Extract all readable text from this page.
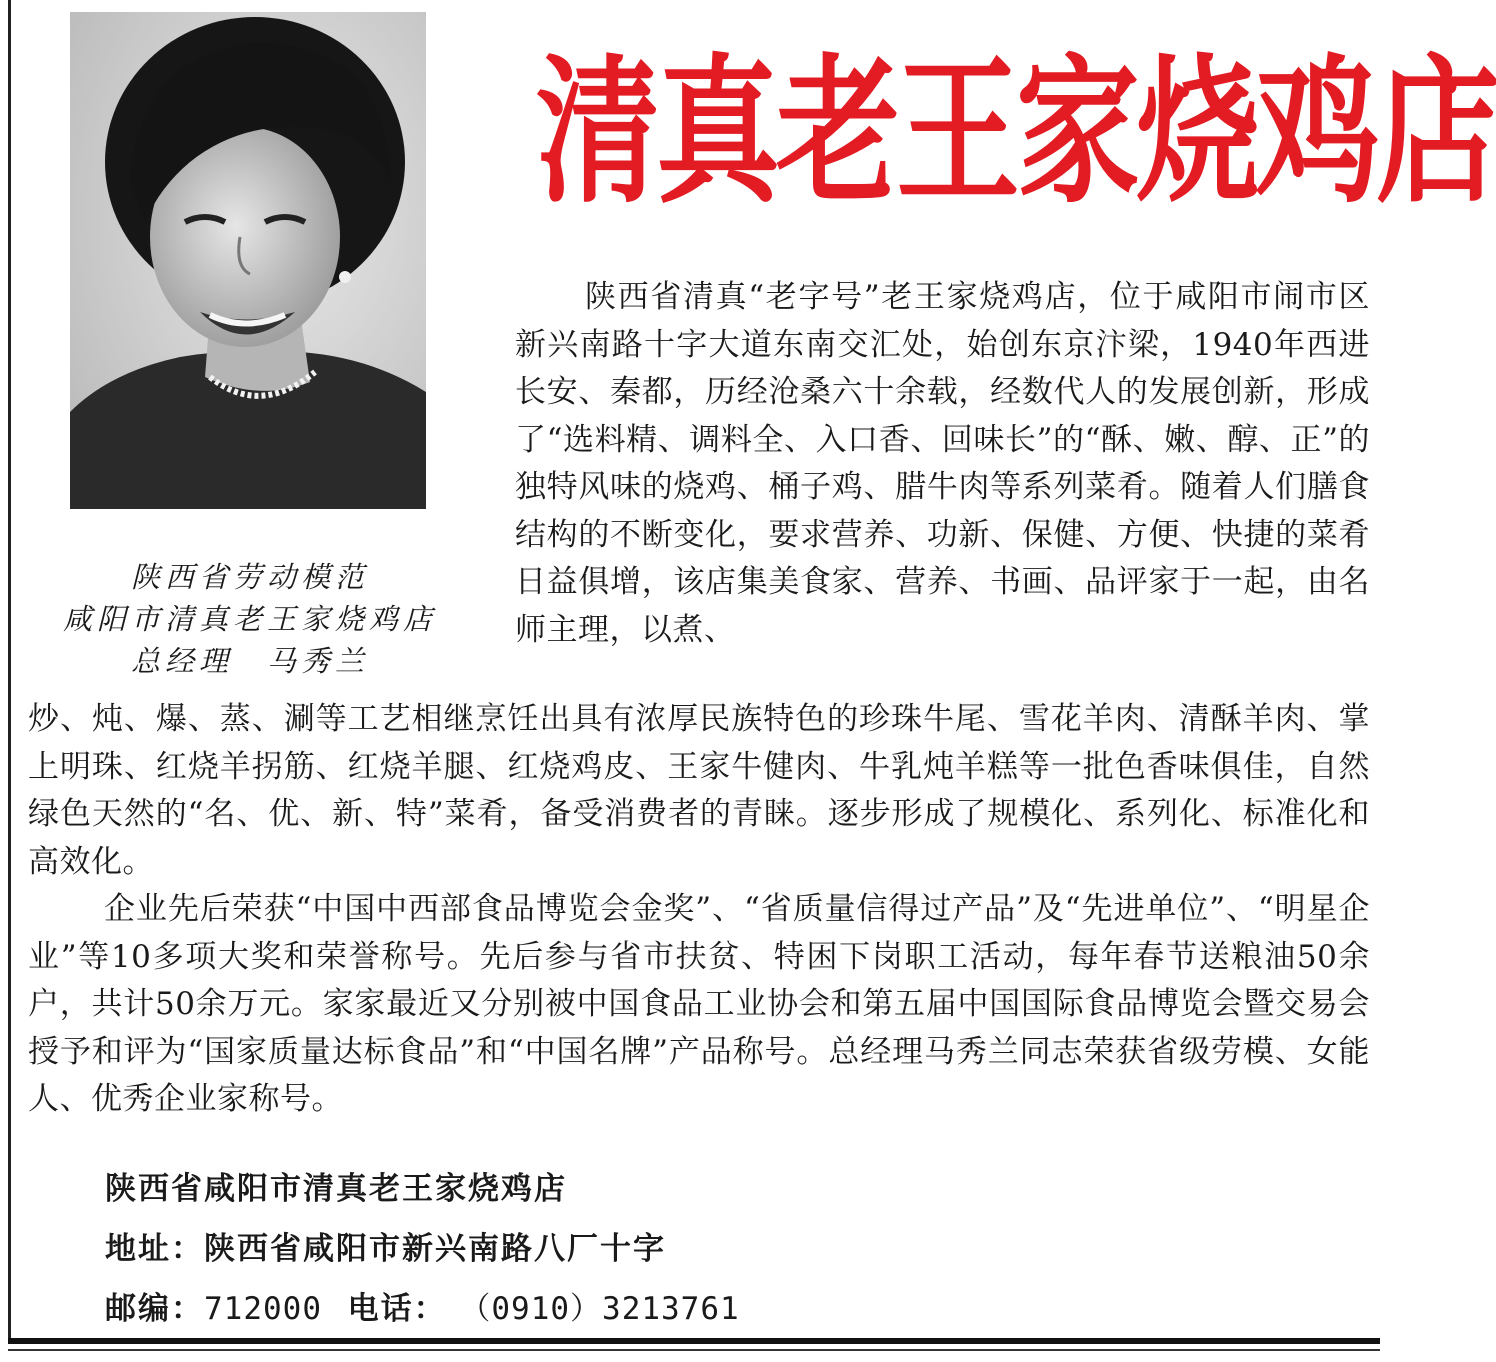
陕西省劳动模范
咸阳市清真老王家烧鸡店
总经理　马秀兰
清真老王家烧鸡店
陕西省清真“老字号”老王家烧鸡店，位于咸阳市闹市区新兴南路十字大道东南交汇处，始创东京汴梁，1940年西进长安、秦都，历经沧桑六十余载，经数代人的发展创新，形成了“选料精、调料全、入口香、回味长”的“酥、嫩、醇、正”的独特风味的烧鸡、桶子鸡、腊牛肉等系列菜肴。随着人们膳食结构的不断变化，要求营养、功新、保健、方便、快捷的菜肴日益俱增，该店集美食家、营养、书画、品评家于一起，由名师主理，以煮、
炒、炖、爆、蒸、涮等工艺相继烹饪出具有浓厚民族特色的珍珠牛尾、雪花羊肉、清酥羊肉、掌上明珠、红烧羊拐筋、红烧羊腿、红烧鸡皮、王家牛健肉、牛乳炖羊糕等一批色香味俱佳，自然绿色天然的“名、优、新、特”菜肴，备受消费者的青睐。逐步形成了规模化、系列化、标准化和高效化。
企业先后荣获“中国中西部食品博览会金奖”、“省质量信得过产品”及“先进单位”、“明星企业”等10多项大奖和荣誉称号。先后参与省市扶贫、特困下岗职工活动，每年春节送粮油50余户，共计50余万元。家家最近又分别被中国食品工业协会和第五届中国国际食品博览会暨交易会授予和评为“国家质量达标食品”和“中国名牌”产品称号。总经理马秀兰同志荣获省级劳模、女能人、优秀企业家称号。
陕西省咸阳市清真老王家烧鸡店
地址：陕西省咸阳市新兴南路八厂十字
邮编：712000 电话： （0910）3213761
